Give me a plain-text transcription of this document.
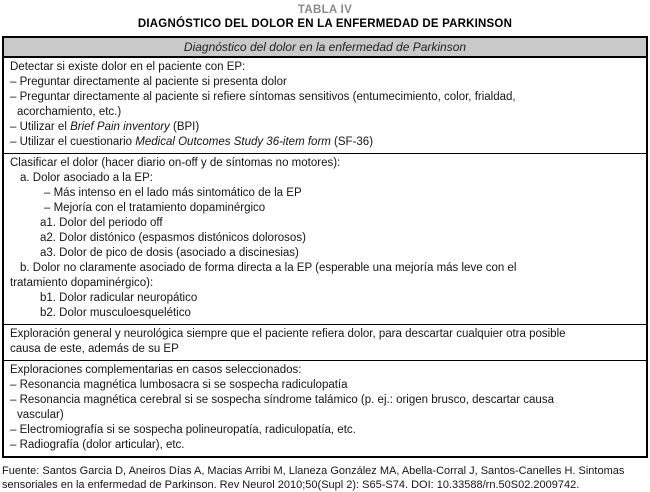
TABLA IV
DIAGNÓSTICO DEL DOLOR EN LA ENFERMEDAD DE PARKINSON
Diagnóstico del dolor en la enfermedad de Parkinson
Detectar si existe dolor en el paciente con EP:
– Preguntar directamente al paciente si presenta dolor
– Preguntar directamente al paciente si refiere síntomas sensitivos (entumecimiento, color, frialdad,
acorchamiento, etc.)
– Utilizar el Brief Pain inventory (BPI)
– Utilizar el cuestionario Medical Outcomes Study 36-item form (SF-36)
Clasificar el dolor (hacer diario on-off y de síntomas no motores):
a. Dolor asociado a la EP:
– Más intenso en el lado más sintomático de la EP
– Mejoría con el tratamiento dopaminérgico
a1. Dolor del periodo off
a2. Dolor distónico (espasmos distónicos dolorosos)
a3. Dolor de pico de dosis (asociado a discinesias)
b. Dolor no claramente asociado de forma directa a la EP (esperable una mejoría más leve con el
tratamiento dopaminérgico):
b1. Dolor radicular neuropático
b2. Dolor musculoesquelético
Exploración general y neurológica siempre que el paciente refiera dolor, para descartar cualquier otra posible
causa de este, además de su EP
Exploraciones complementarias en casos seleccionados:
– Resonancia magnética lumbosacra si se sospecha radiculopatía
– Resonancia magnética cerebral si se sospecha síndrome talámico (p. ej.: origen brusco, descartar causa
vascular)
– Electromiografía si se sospecha polineuropatía, radiculopatía, etc.
– Radiografía (dolor articular), etc.
Fuente: Santos Garcia D, Aneiros Días A, Macias Arribi M, Llaneza González MA, Abella-Corral J, Santos-Canelles H. Sintomas sensoriales en la enfermedad de Parkinson. Rev Neurol 2010;50(Supl 2): S65-S74. DOI: 10.33588/rn.50S02.2009742.
